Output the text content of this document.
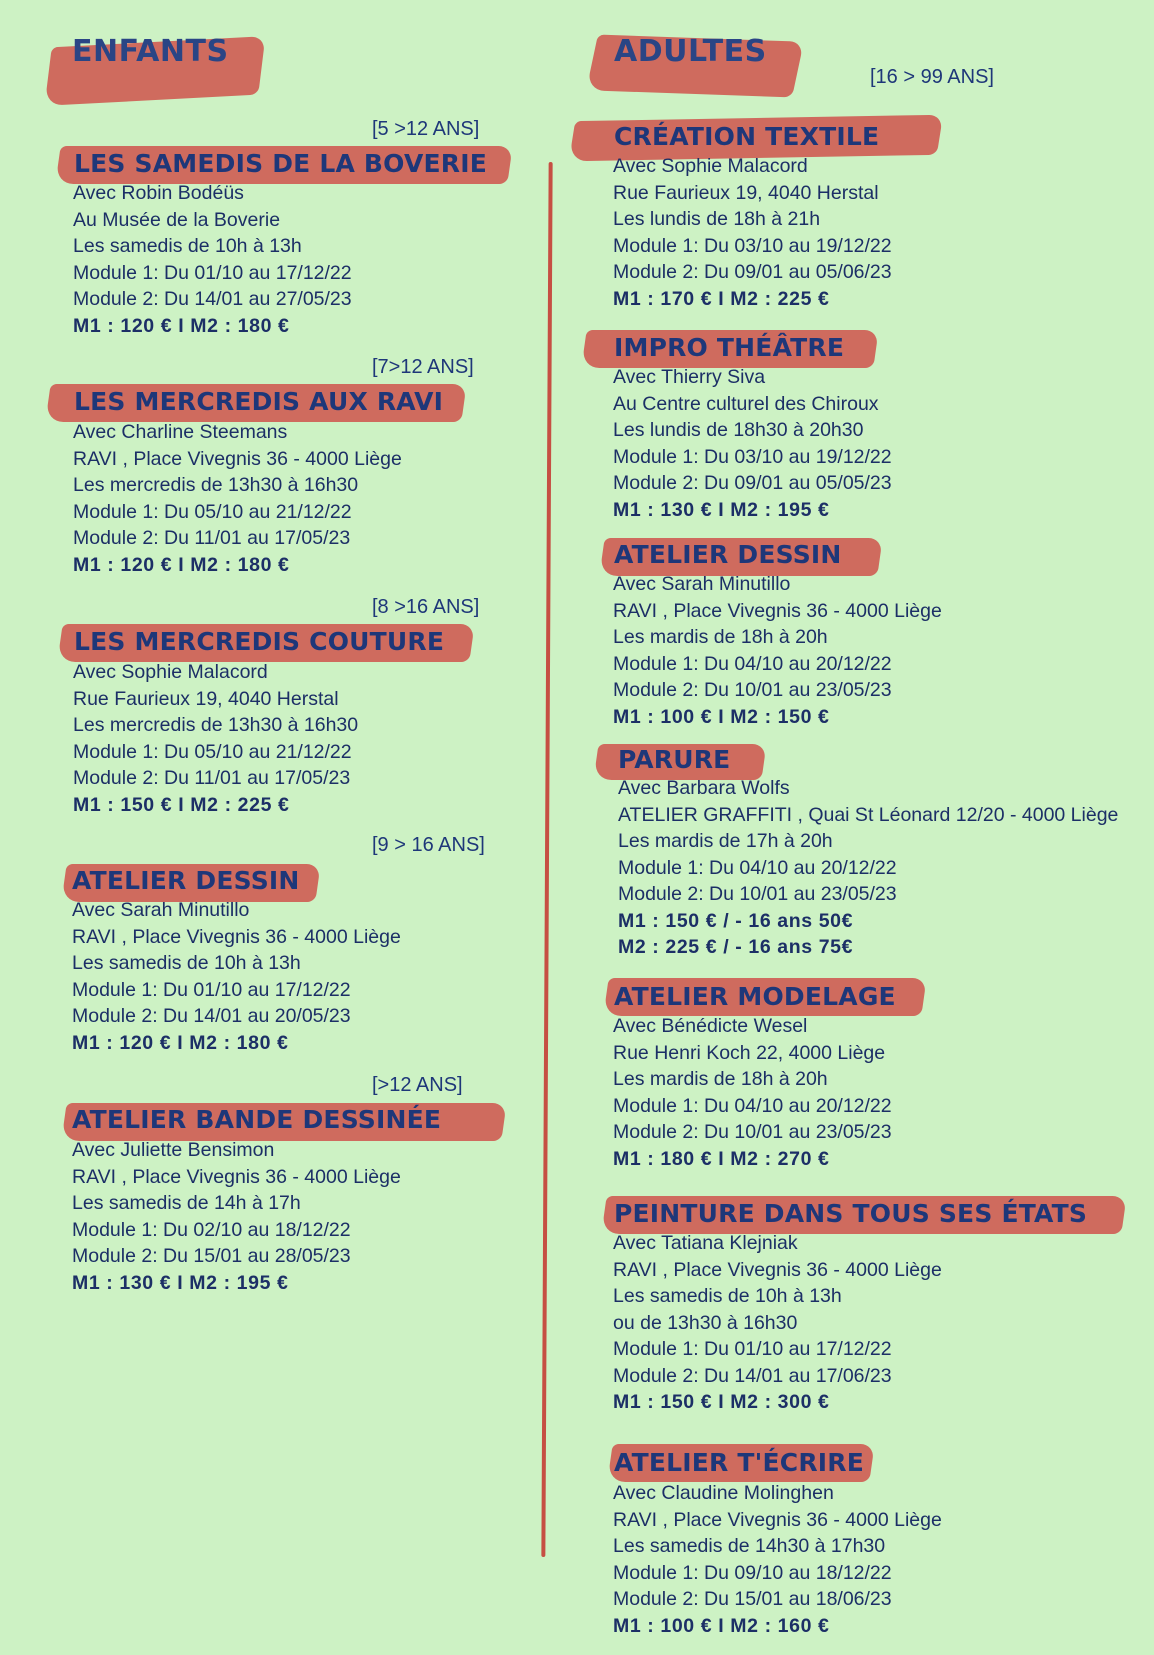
ENFANTS
[5 >12 ANS]
LES SAMEDIS DE LA BOVERIE
Avec Robin Bodéüs
Au Musée de la Boverie
Les samedis de 10h à 13h
Module 1: Du 01/10 au 17/12/22
Module 2: Du 14/01 au 27/05/23
M1 : 120 € I M2 : 180 €
[7>12 ANS]
LES MERCREDIS AUX RAVI
Avec Charline Steemans
RAVI , Place Vivegnis 36 - 4000 Liège
Les mercredis de 13h30 à 16h30
Module 1: Du 05/10 au 21/12/22
Module 2: Du 11/01 au 17/05/23
M1 : 120 € I M2 : 180 €
[8 >16 ANS]
LES MERCREDIS COUTURE
Avec Sophie Malacord
Rue Faurieux 19, 4040 Herstal
Les mercredis de 13h30 à 16h30
Module 1: Du 05/10 au 21/12/22
Module 2: Du 11/01 au 17/05/23
M1 : 150 € I M2 : 225 €
[9 > 16 ANS]
ATELIER DESSIN
Avec Sarah Minutillo
RAVI , Place Vivegnis 36 - 4000 Liège
Les samedis de 10h à 13h
Module 1: Du 01/10 au 17/12/22
Module 2: Du 14/01 au 20/05/23
M1 : 120 € I M2 : 180 €
[>12 ANS]
ATELIER BANDE DESSINÉE
Avec Juliette Bensimon
RAVI , Place Vivegnis 36 - 4000 Liège
Les samedis de 14h à 17h
Module 1: Du 02/10 au 18/12/22
Module 2: Du 15/01 au 28/05/23
M1 : 130 € I M2 : 195 €
ADULTES
[16 > 99 ANS]
CRÉATION TEXTILE
Avec Sophie Malacord
Rue Faurieux 19, 4040 Herstal
Les lundis de 18h à 21h
Module 1: Du 03/10 au 19/12/22
Module 2: Du 09/01 au 05/06/23
M1 : 170 € I M2 : 225 €
IMPRO THÉÂTRE
Avec Thierry Siva
Au Centre culturel des Chiroux
Les lundis de 18h30 à 20h30
Module 1: Du 03/10 au 19/12/22
Module 2: Du 09/01 au 05/05/23
M1 : 130 € I M2 : 195 €
ATELIER DESSIN
Avec Sarah Minutillo
RAVI , Place Vivegnis 36 - 4000 Liège
Les mardis de 18h à 20h
Module 1: Du 04/10 au 20/12/22
Module 2: Du 10/01 au 23/05/23
M1 : 100 € I M2 : 150 €
PARURE
Avec Barbara Wolfs
ATELIER GRAFFITI , Quai St Léonard 12/20 - 4000 Liège
Les mardis de 17h à 20h
Module 1: Du 04/10 au 20/12/22
Module 2: Du 10/01 au 23/05/23
M1 : 150 € / - 16 ans 50€
M2 : 225 € / - 16 ans 75€
ATELIER MODELAGE
Avec Bénédicte Wesel
Rue Henri Koch 22, 4000 Liège
Les mardis de 18h à 20h
Module 1: Du 04/10 au 20/12/22
Module 2: Du 10/01 au 23/05/23
M1 : 180 € I M2 : 270 €
PEINTURE DANS TOUS SES ÉTATS
Avec Tatiana Klejniak
RAVI , Place Vivegnis 36 - 4000 Liège
Les samedis de 10h à 13h
ou de 13h30 à 16h30
Module 1: Du 01/10 au 17/12/22
Module 2: Du 14/01 au 17/06/23
M1 : 150 € I M2 : 300 €
ATELIER T'ÉCRIRE
Avec Claudine Molinghen
RAVI , Place Vivegnis 36 - 4000 Liège
Les samedis de 14h30 à 17h30
Module 1: Du 09/10 au 18/12/22
Module 2: Du 15/01 au 18/06/23
M1 : 100 € I M2 : 160 €
